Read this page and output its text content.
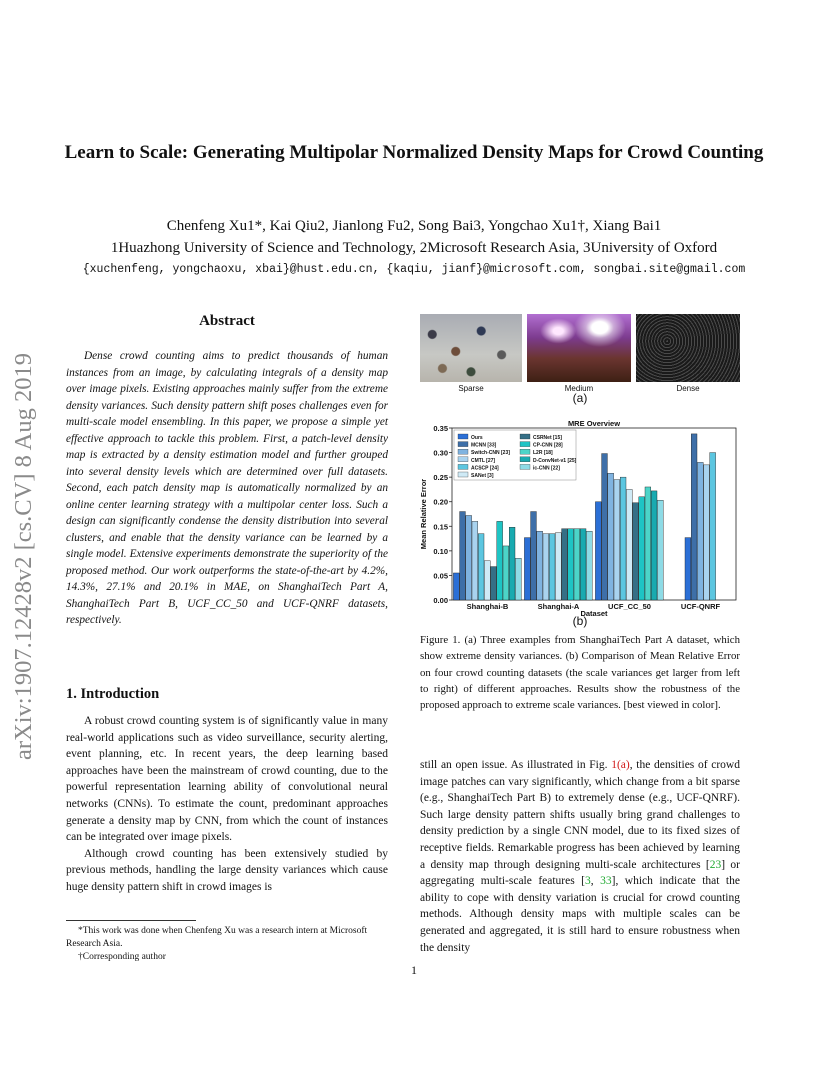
arXiv:1907.12428v2 [cs.CV] 8 Aug 2019
Learn to Scale: Generating Multipolar Normalized Density Maps for Crowd Counting
Chenfeng Xu1*, Kai Qiu2, Jianlong Fu2, Song Bai3, Yongchao Xu1†, Xiang Bai1
1Huazhong University of Science and Technology, 2Microsoft Research Asia, 3University of Oxford
{xuchenfeng, yongchaoxu, xbai}@hust.edu.cn, {kaqiu, jianf}@microsoft.com, songbai.site@gmail.com
Abstract
Dense crowd counting aims to predict thousands of human instances from an image, by calculating integrals of a density map over image pixels. Existing approaches mainly suffer from the extreme density variances. Such density pattern shift poses challenges even for multi-scale model ensembling. In this paper, we propose a simple yet effective approach to tackle this problem. First, a patch-level density map is extracted by a density estimation model and further grouped into several density levels which are determined over full datasets. Second, each patch density map is automatically normalized by an online center learning strategy with a multipolar center loss. Such a design can significantly condense the density distribution into several clusters, and enable that the density variance can be learned by a single model. Extensive experiments demonstrate the superiority of the proposed method. Our work outperforms the state-of-the-art by 4.2%, 14.3%, 27.1% and 20.1% in MAE, on ShanghaiTech Part A, ShanghaiTech Part B, UCF_CC_50 and UCF-QNRF datasets, respectively.
1. Introduction

A robust crowd counting system is of significantly value in many real-world applications such as video surveillance, security alerting, event planning, etc. In recent years, the deep learning based approaches have been the mainstream of crowd counting, due to the powerful representation learning ability of convolutional neural networks (CNNs). To estimate the count, predominant approaches generate a density map by CNN, from which the count of instances can be integrated over image pixels.

Although crowd counting has been extensively studied by previous methods, handling the large density variances which cause huge density pattern shift in crowd images is

*This work was done when Chenfeng Xu was a research intern at Microsoft Research Asia.

†Corresponding author

Sparse	Medium	Dense
(a)
MRE Overview
0.00
0.05
0.10
0.15
0.20
0.25
0.30
0.35
Mean Relative Error
Shanghai-B	Shanghai-A	UCF_CC_50	UCF-QNRF
Dataset
Ours
MCNN [33]
Switch-CNN [23]
CMTL [27]
ACSCP [24]
SANet [3]
CSRNet [15]
CP-CNN [28]
L2R [18]
D-ConvNet-v1 [25]
ic-CNN [22]
(b)
Figure 1. (a) Three examples from ShanghaiTech Part A dataset, which show extreme density variances. (b) Comparison of Mean Relative Error on four crowd counting datasets (the scale variances get larger from left to right) of different approaches. Results show the robustness of the proposed approach to extreme scale variances. [best viewed in color].
still an open issue. As illustrated in Fig. 1(a), the densities of crowd image patches can vary significantly, which change from a bit sparse (e.g., ShanghaiTech Part B) to extremely dense (e.g., UCF-QNRF). Such large density pattern shifts usually bring grand challenges to density prediction by a single CNN model, due to its fixed sizes of receptive fields. Remarkable progress has been achieved by learning a density map through designing multi-scale architectures [23] or aggregating multi-scale features [3, 33], which indicate that the ability to cope with density variation is crucial for crowd counting methods. Although density maps with multiple scales can be generated and aggregated, it is still hard to ensure robustness when the density
1
